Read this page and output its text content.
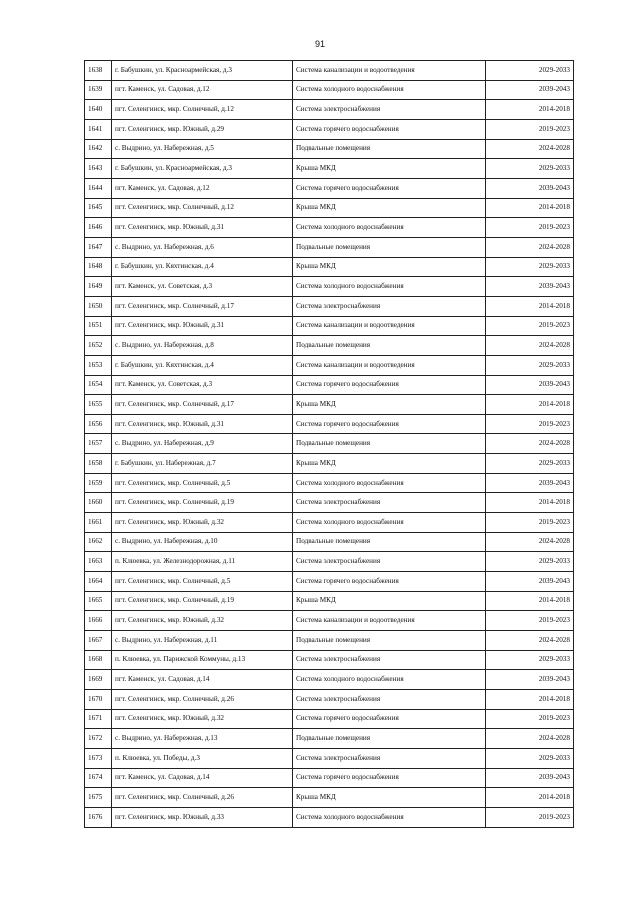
91
1638	г. Бабушкин, ул. Красноармейская, д.3	Система канализации и водоотведения	2029-2033
1639	пгт. Каменск, ул. Садовая, д.12	Система холодного водоснабжения	2039-2043
1640	пгт. Селенгинск, мкр. Солнечный, д.12	Система электроснабжения	2014-2018
1641	пгт. Селенгинск, мкр. Южный, д.29	Система горячего водоснабжения	2019-2023
1642	с. Выдрино, ул. Набережная, д.5	Подвальные помещения	2024-2028
1643	г. Бабушкин, ул. Красноармейская, д.3	Крыша МКД	2029-2033
1644	пгт. Каменск, ул. Садовая, д.12	Система горячего водоснабжения	2039-2043
1645	пгт. Селенгинск, мкр. Солнечный, д.12	Крыша МКД	2014-2018
1646	пгт. Селенгинск, мкр. Южный, д.31	Система холодного водоснабжения	2019-2023
1647	с. Выдрино, ул. Набережная, д.6	Подвальные помещения	2024-2028
1648	г. Бабушкин, ул. Кяхтинская, д.4	Крыша МКД	2029-2033
1649	пгт. Каменск, ул. Советская, д.3	Система холодного водоснабжения	2039-2043
1650	пгт. Селенгинск, мкр. Солнечный, д.17	Система электроснабжения	2014-2018
1651	пгт. Селенгинск, мкр. Южный, д.31	Система канализации и водоотведения	2019-2023
1652	с. Выдрино, ул. Набережная, д.8	Подвальные помещения	2024-2028
1653	г. Бабушкин, ул. Кяхтинская, д.4	Система канализации и водоотведения	2029-2033
1654	пгт. Каменск, ул. Советская, д.3	Система горячего водоснабжения	2039-2043
1655	пгт. Селенгинск, мкр. Солнечный, д.17	Крыша МКД	2014-2018
1656	пгт. Селенгинск, мкр. Южный, д.31	Система горячего водоснабжения	2019-2023
1657	с. Выдрино, ул. Набережная, д.9	Подвальные помещения	2024-2028
1658	г. Бабушкин, ул. Набережная, д.7	Крыша МКД	2029-2033
1659	пгт. Селенгинск, мкр. Солнечный, д.5	Система холодного водоснабжения	2039-2043
1660	пгт. Селенгинск, мкр. Солнечный, д.19	Система электроснабжения	2014-2018
1661	пгт. Селенгинск, мкр. Южный, д.32	Система холодного водоснабжения	2019-2023
1662	с. Выдрино, ул. Набережная, д.10	Подвальные помещения	2024-2028
1663	п. Клюевка, ул. Железнодорожная, д.11	Система электроснабжения	2029-2033
1664	пгт. Селенгинск, мкр. Солнечный, д.5	Система горячего водоснабжения	2039-2043
1665	пгт. Селенгинск, мкр. Солнечный, д.19	Крыша МКД	2014-2018
1666	пгт. Селенгинск, мкр. Южный, д.32	Система канализации и водоотведения	2019-2023
1667	с. Выдрино, ул. Набережная, д.11	Подвальные помещения	2024-2028
1668	п. Клюевка, ул. Парижской Коммуны, д.13	Система электроснабжения	2029-2033
1669	пгт. Каменск, ул. Садовая, д.14	Система холодного водоснабжения	2039-2043
1670	пгт. Селенгинск, мкр. Солнечный, д.26	Система электроснабжения	2014-2018
1671	пгт. Селенгинск, мкр. Южный, д.32	Система горячего водоснабжения	2019-2023
1672	с. Выдрино, ул. Набережная, д.13	Подвальные помещения	2024-2028
1673	п. Клюевка, ул. Победы, д.3	Система электроснабжения	2029-2033
1674	пгт. Каменск, ул. Садовая, д.14	Система горячего водоснабжения	2039-2043
1675	пгт. Селенгинск, мкр. Солнечный, д.26	Крыша МКД	2014-2018
1676	пгт. Селенгинск, мкр. Южный, д.33	Система холодного водоснабжения	2019-2023
